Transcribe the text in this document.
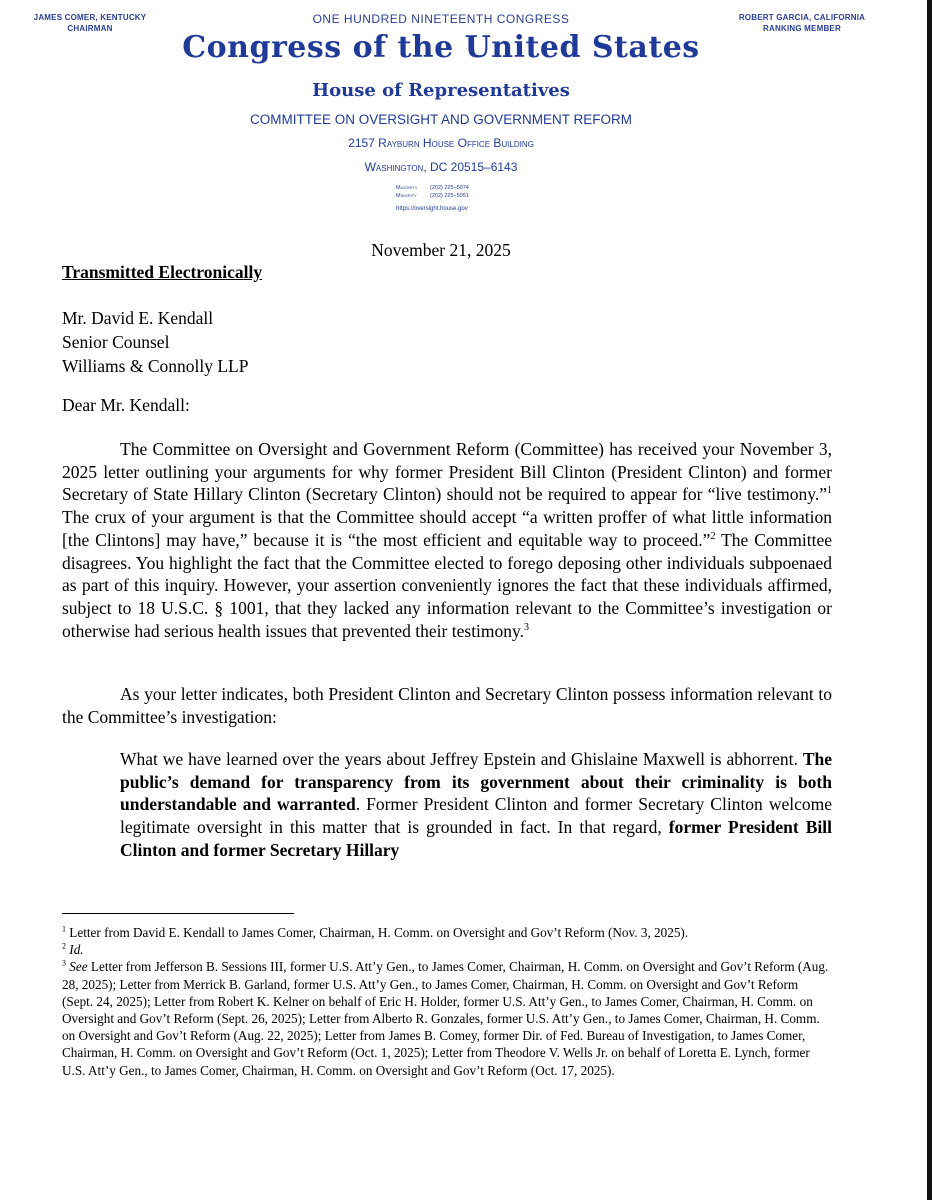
JAMES COMER, KENTUCKY
CHAIRMAN
ONE HUNDRED NINETEENTH CONGRESS	ROBERT GARCIA, CALIFORNIA
RANKING MEMBER
Congress of the United States
House of Representatives
COMMITTEE ON OVERSIGHT AND GOVERNMENT REFORM
2157 Rayburn House Office Building
Washington, DC 20515–6143
Majority (202) 225–5074
Minority (202) 225–5051
https://oversight.house.gov
November 21, 2025
Transmitted Electronically
Mr. David E. Kendall
Senior Counsel
Williams & Connolly LLP
Dear Mr. Kendall:
The Committee on Oversight and Government Reform (Committee) has received your November 3, 2025 letter outlining your arguments for why former President Bill Clinton (President Clinton) and former Secretary of State Hillary Clinton (Secretary Clinton) should not be required to appear for “live testimony.”$^1$ The crux of your argument is that the Committee should accept “a written proffer of what little information [the Clintons] may have,” because it is “the most efficient and equitable way to proceed.”$^2$ The Committee disagrees. You highlight the fact that the Committee elected to forego deposing other individuals subpoenaed as part of this inquiry. However, your assertion conveniently ignores the fact that these individuals affirmed, subject to 18 U.S.C. § 1001, that they lacked any information relevant to the Committee’s investigation or otherwise had serious health issues that prevented their testimony.$^3$
As your letter indicates, both President Clinton and Secretary Clinton possess information relevant to the Committee’s investigation:
What we have learned over the years about Jeffrey Epstein and Ghislaine Maxwell is abhorrent. The public’s demand for transparency from its government about their criminality is both understandable and warranted. Former President Clinton and former Secretary Clinton welcome legitimate oversight in this matter that is grounded in fact. In that regard, former President Bill Clinton and former Secretary Hillary

$^1$ Letter from David E. Kendall to James Comer, Chairman, H. Comm. on Oversight and Gov’t Reform (Nov. 3, 2025).

$^2$ Id.

$^3$ See Letter from Jefferson B. Sessions III, former U.S. Att’y Gen., to James Comer, Chairman, H. Comm. on Oversight and Gov’t Reform (Aug. 28, 2025); Letter from Merrick B. Garland, former U.S. Att’y Gen., to James Comer, Chairman, H. Comm. on Oversight and Gov’t Reform (Sept. 24, 2025); Letter from Robert K. Kelner on behalf of Eric H. Holder, former U.S. Att’y Gen., to James Comer, Chairman, H. Comm. on Oversight and Gov’t Reform (Sept. 26, 2025); Letter from Alberto R. Gonzales, former U.S. Att’y Gen., to James Comer, Chairman, H. Comm. on Oversight and Gov’t Reform (Aug. 22, 2025); Letter from James B. Comey, former Dir. of Fed. Bureau of Investigation, to James Comer, Chairman, H. Comm. on Oversight and Gov’t Reform (Oct. 1, 2025); Letter from Theodore V. Wells Jr. on behalf of Loretta E. Lynch, former U.S. Att’y Gen., to James Comer, Chairman, H. Comm. on Oversight and Gov’t Reform (Oct. 17, 2025).
